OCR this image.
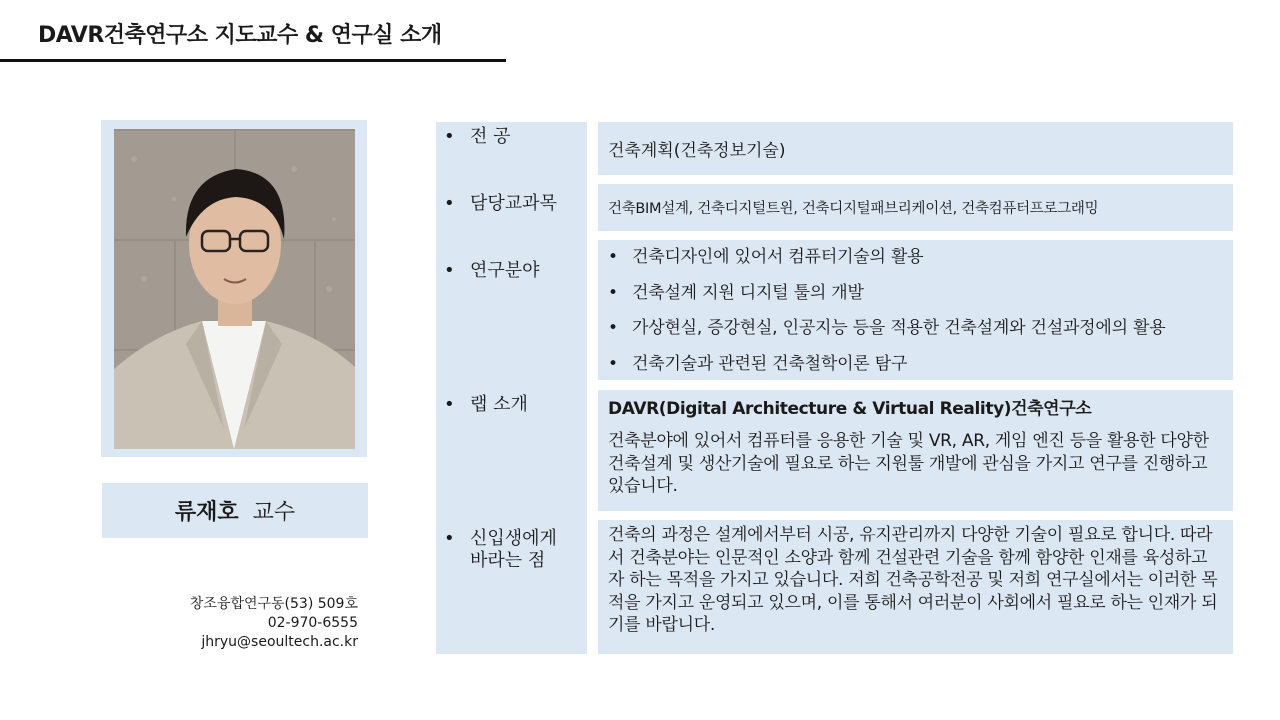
DAVR건축연구소 지도교수 & 연구실 소개
류재호 교수
창조융합연구동(53) 509호
02-970-6555
jhryu@seoultech.ac.kr
• 전 공
• 담당교과목
• 연구분야
• 랩 소개
• 신입생에게
바라는 점
건축계획(건축정보기술)
건축BIM설계, 건축디지털트윈, 건축디지털패브리케이션, 건축컴퓨터프로그래밍
• 건축디자인에 있어서 컴퓨터기술의 활용
• 건축설계 지원 디지털 툴의 개발
• 가상현실, 증강현실, 인공지능 등을 적용한 건축설계와 건설과정에의 활용
• 건축기술과 관련된 건축철학이론 탐구
DAVR(Digital Architecture & Virtual Reality)건축연구소
건축분야에 있어서 컴퓨터를 응용한 기술 및 VR, AR, 게임 엔진 등을 활용한 다양한 건축설계 및 생산기술에 필요로 하는 지원툴 개발에 관심을 가지고 연구를 진행하고 있습니다.
건축의 과정은 설계에서부터 시공, 유지관리까지 다양한 기술이 필요로 합니다. 따라서 건축분야는 인문적인 소양과 함께 건설관련 기술을 함께 함양한 인재를 육성하고자 하는 목적을 가지고 있습니다. 저희 건축공학전공 및 저희 연구실에서는 이러한 목적을 가지고 운영되고 있으며, 이를 통해서 여러분이 사회에서 필요로 하는 인재가 되기를 바랍니다.
